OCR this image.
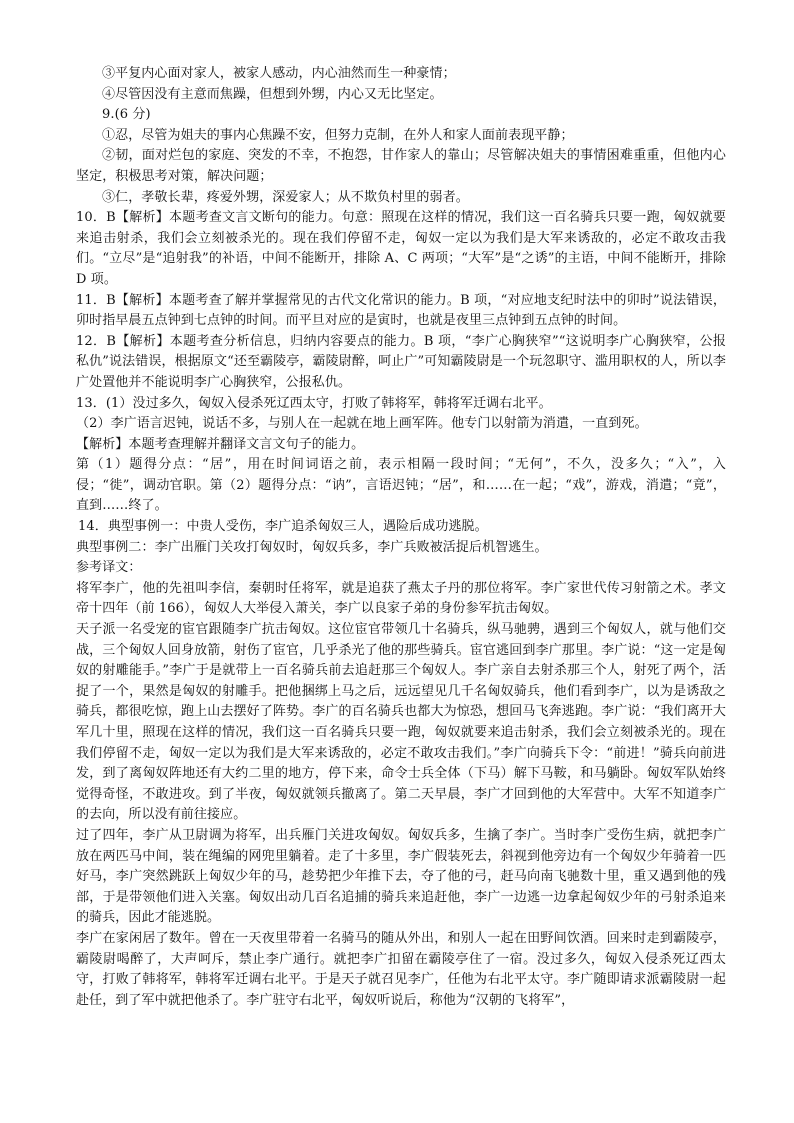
③平复内心面对家人，被家人感动，内心油然而生一种豪情；

④尽管因没有主意而焦躁，但想到外甥，内心又无比坚定。

9.(6 分)

①忍，尽管为姐夫的事内心焦躁不安，但努力克制，在外人和家人面前表现平静；

②韧，面对烂包的家庭、突发的不幸，不抱怨，甘作家人的靠山；尽管解决姐夫的事情困难重重，但他内心坚定，积极思考对策，解决问题；

③仁，孝敬长辈，疼爱外甥，深爱家人；从不欺负村里的弱者。

10．B【解析】本题考查文言文断句的能力。句意：照现在这样的情况，我们这一百名骑兵只要一跑，匈奴就要来追击射杀，我们会立刻被杀光的。现在我们停留不走，匈奴一定以为我们是大军来诱敌的，必定不敢攻击我们。“立尽”是“追射我”的补语，中间不能断开，排除 A、C 两项；“大军”是“之诱”的主语，中间不能断开，排除 D 项。

11．B【解析】本题考查了解并掌握常见的古代文化常识的能力。B 项，“对应地支纪时法中的卯时”说法错误，卯时指早晨五点钟到七点钟的时间。而平旦对应的是寅时，也就是夜里三点钟到五点钟的时间。

12．B【解析】本题考查分析信息，归纳内容要点的能力。B 项，“李广心胸狭窄”“这说明李广心胸狭窄，公报私仇”说法错误，根据原文“还至霸陵亭，霸陵尉醉，呵止广”可知霸陵尉是一个玩忽职守、滥用职权的人，所以李广处置他并不能说明李广心胸狭窄，公报私仇。

13．(1）没过多久，匈奴入侵杀死辽西太守，打败了韩将军，韩将军迁调右北平。

（2）李广语言迟钝，说话不多，与别人在一起就在地上画军阵。他专门以射箭为消遣，一直到死。

【解析】本题考查理解并翻译文言文句子的能力。

第（1）题得分点：“居”，用在时间词语之前，表示相隔一段时间；“无何”，不久，没多久；“入”，入侵；“徙”，调动官职。第（2）题得分点：“讷”，言语迟钝；“居”，和……在一起；“戏”，游戏，消遣；“竟”，直到……终了。

14．典型事例一：中贵人受伤，李广追杀匈奴三人，遇险后成功逃脱。

典型事例二：李广出雁门关攻打匈奴时，匈奴兵多，李广兵败被活捉后机智逃生。

参考译文：

将军李广，他的先祖叫李信，秦朝时任将军，就是追获了燕太子丹的那位将军。李广家世代传习射箭之术。孝文帝十四年（前 166），匈奴人大举侵入萧关，李广以良家子弟的身份参军抗击匈奴。

天子派一名受宠的宦官跟随李广抗击匈奴。这位宦官带领几十名骑兵，纵马驰骋，遇到三个匈奴人，就与他们交战，三个匈奴人回身放箭，射伤了宦官，几乎杀光了他的那些骑兵。宦官逃回到李广那里。李广说：“这一定是匈奴的射雕能手。”李广于是就带上一百名骑兵前去追赶那三个匈奴人。李广亲自去射杀那三个人，射死了两个，活捉了一个，果然是匈奴的射雕手。把他捆绑上马之后，远远望见几千名匈奴骑兵，他们看到李广，以为是诱敌之骑兵，都很吃惊，跑上山去摆好了阵势。李广的百名骑兵也都大为惊恐，想回马飞奔逃跑。李广说：“我们离开大军几十里，照现在这样的情况，我们这一百名骑兵只要一跑，匈奴就要来追击射杀，我们会立刻被杀光的。现在我们停留不走，匈奴一定以为我们是大军来诱敌的，必定不敢攻击我们。”李广向骑兵下令：“前进！”骑兵向前进发，到了离匈奴阵地还有大约二里的地方，停下来，命令士兵全体（下马）解下马鞍，和马躺卧。匈奴军队始终觉得奇怪，不敢进攻。到了半夜，匈奴就领兵撤离了。第二天早晨，李广才回到他的大军营中。大军不知道李广的去向，所以没有前往接应。

过了四年，李广从卫尉调为将军，出兵雁门关进攻匈奴。匈奴兵多，生擒了李广。当时李广受伤生病，就把李广放在两匹马中间，装在绳编的网兜里躺着。走了十多里，李广假装死去，斜视到他旁边有一个匈奴少年骑着一匹好马，李广突然跳跃上匈奴少年的马，趁势把少年推下去，夺了他的弓，赶马向南飞驰数十里，重又遇到他的残部，于是带领他们进入关塞。匈奴出动几百名追捕的骑兵来追赶他，李广一边逃一边拿起匈奴少年的弓射杀追来的骑兵，因此才能逃脱。

李广在家闲居了数年。曾在一天夜里带着一名骑马的随从外出，和别人一起在田野间饮酒。回来时走到霸陵亭，霸陵尉喝醉了，大声呵斥，禁止李广通行。就把李广扣留在霸陵亭住了一宿。没过多久，匈奴入侵杀死辽西太守，打败了韩将军，韩将军迁调右北平。于是天子就召见李广，任他为右北平太守。李广随即请求派霸陵尉一起赴任，到了军中就把他杀了。李广驻守右北平，匈奴听说后，称他为“汉朝的飞将军”，
